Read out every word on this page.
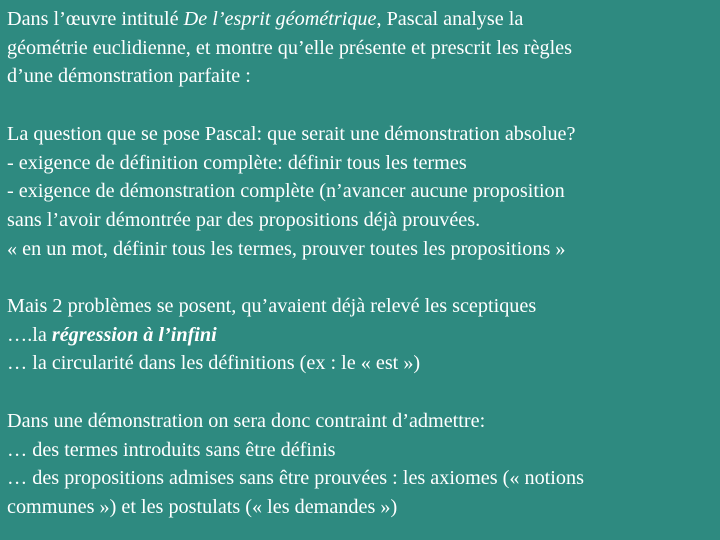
Dans l’œuvre intitulé De l’esprit géométrique, Pascal analyse la
géométrie euclidienne, et montre qu’elle présente et prescrit les règles
d’une démonstration parfaite :
La question que se pose Pascal: que serait une démonstration absolue?
- exigence de définition complète: définir tous les termes
- exigence de démonstration complète (n’avancer aucune proposition
sans l’avoir démontrée par des propositions déjà prouvées.
« en un mot, définir tous les termes, prouver toutes les propositions »
Mais 2 problèmes se posent, qu’avaient déjà relevé les sceptiques
….la régression à l’infini
… la circularité dans les définitions (ex : le « est »)
Dans une démonstration on sera donc contraint d’admettre:
… des termes introduits sans être définis
… des propositions admises sans être prouvées : les axiomes (« notions
communes ») et les postulats (« les demandes »)
